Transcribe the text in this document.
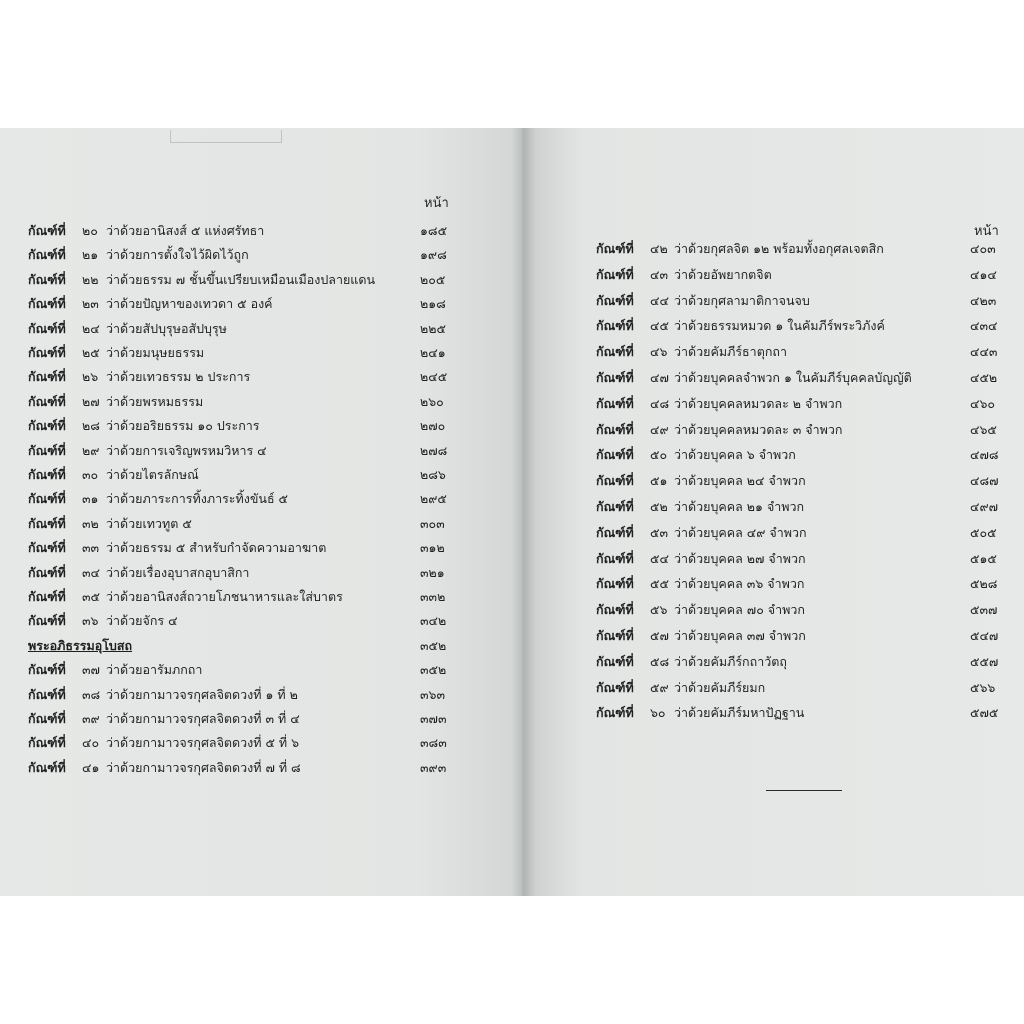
หน้า
กัณฑ์ที่ ๒๐ ว่าด้วยอานิสงส์ ๕ แห่งศรัทธา	๑๘๕
กัณฑ์ที่ ๒๑ ว่าด้วยการตั้งใจไว้ผิดไว้ถูก	๑๙๘
กัณฑ์ที่ ๒๒ ว่าด้วยธรรม ๗ ชั้นขึ้นเปรียบเหมือนเมืองปลายแดน	๒๐๕
กัณฑ์ที่ ๒๓ ว่าด้วยปัญหาของเทวดา ๕ องค์	๒๑๘
กัณฑ์ที่ ๒๔ ว่าด้วยสัปบุรุษอสัปบุรุษ	๒๒๕
กัณฑ์ที่ ๒๕ ว่าด้วยมนุษยธรรม	๒๔๑
กัณฑ์ที่ ๒๖ ว่าด้วยเทวธรรม ๒ ประการ	๒๔๕
กัณฑ์ที่ ๒๗ ว่าด้วยพรหมธรรม	๒๖๐
กัณฑ์ที่ ๒๘ ว่าด้วยอริยธรรม ๑๐ ประการ	๒๗๐
กัณฑ์ที่ ๒๙ ว่าด้วยการเจริญพรหมวิหาร ๔	๒๗๘
กัณฑ์ที่ ๓๐ ว่าด้วยไตรลักษณ์	๒๘๖
กัณฑ์ที่ ๓๑ ว่าด้วยภาระการทิ้งภาระทิ้งขันธ์ ๕	๒๙๕
กัณฑ์ที่ ๓๒ ว่าด้วยเทวทูต ๕	๓๐๓
กัณฑ์ที่ ๓๓ ว่าด้วยธรรม ๕ สำหรับกำจัดความอาฆาต	๓๑๒
กัณฑ์ที่ ๓๔ ว่าด้วยเรื่องอุบาสกอุบาสิกา	๓๒๑
กัณฑ์ที่ ๓๕ ว่าด้วยอานิสงส์ถวายโภชนาหารและใส่บาตร	๓๓๒
กัณฑ์ที่ ๓๖ ว่าด้วยจักร ๔	๓๔๒
พระอภิธรรมอุโบสถ	๓๕๒
กัณฑ์ที่ ๓๗ ว่าด้วยอารัมภกถา	๓๕๒
กัณฑ์ที่ ๓๘ ว่าด้วยกามาวจรกุศลจิตดวงที่ ๑ ที่ ๒	๓๖๓
กัณฑ์ที่ ๓๙ ว่าด้วยกามาวจรกุศลจิตดวงที่ ๓ ที่ ๔	๓๗๓
กัณฑ์ที่ ๔๐ ว่าด้วยกามาวจรกุศลจิตดวงที่ ๕ ที่ ๖	๓๘๓
กัณฑ์ที่ ๔๑ ว่าด้วยกามาวจรกุศลจิตดวงที่ ๗ ที่ ๘	๓๙๓
หน้า
กัณฑ์ที่ ๔๒ ว่าด้วยกุศลจิต ๑๒ พร้อมทั้งอกุศลเจตสิก	๔๐๓
กัณฑ์ที่ ๔๓ ว่าด้วยอัพยากตจิต	๔๑๔
กัณฑ์ที่ ๔๔ ว่าด้วยกุศลามาติกาจนจบ	๔๒๓
กัณฑ์ที่ ๔๕ ว่าด้วยธรรมหมวด ๑ ในคัมภีร์พระวิภังค์	๔๓๔
กัณฑ์ที่ ๔๖ ว่าด้วยคัมภีร์ธาตุกถา	๔๔๓
กัณฑ์ที่ ๔๗ ว่าด้วยบุคคลจำพวก ๑ ในคัมภีร์บุคคลบัญญัติ	๔๕๒
กัณฑ์ที่ ๔๘ ว่าด้วยบุคคลหมวดละ ๒ จำพวก	๔๖๐
กัณฑ์ที่ ๔๙ ว่าด้วยบุคคลหมวดละ ๓ จำพวก	๔๖๕
กัณฑ์ที่ ๕๐ ว่าด้วยบุคคล ๖ จำพวก	๔๗๘
กัณฑ์ที่ ๕๑ ว่าด้วยบุคคล ๒๔ จำพวก	๔๘๗
กัณฑ์ที่ ๕๒ ว่าด้วยบุคคล ๒๑ จำพวก	๔๙๗
กัณฑ์ที่ ๕๓ ว่าด้วยบุคคล ๔๙ จำพวก	๕๐๕
กัณฑ์ที่ ๕๔ ว่าด้วยบุคคล ๒๗ จำพวก	๕๑๕
กัณฑ์ที่ ๕๕ ว่าด้วยบุคคล ๓๖ จำพวก	๕๒๘
กัณฑ์ที่ ๕๖ ว่าด้วยบุคคล ๗๐ จำพวก	๕๓๗
กัณฑ์ที่ ๕๗ ว่าด้วยบุคคล ๓๗ จำพวก	๕๔๗
กัณฑ์ที่ ๕๘ ว่าด้วยคัมภีร์กถาวัตถุ	๕๕๗
กัณฑ์ที่ ๕๙ ว่าด้วยคัมภีร์ยมก	๕๖๖
กัณฑ์ที่ ๖๐ ว่าด้วยคัมภีร์มหาปัฏฐาน	๕๗๕
